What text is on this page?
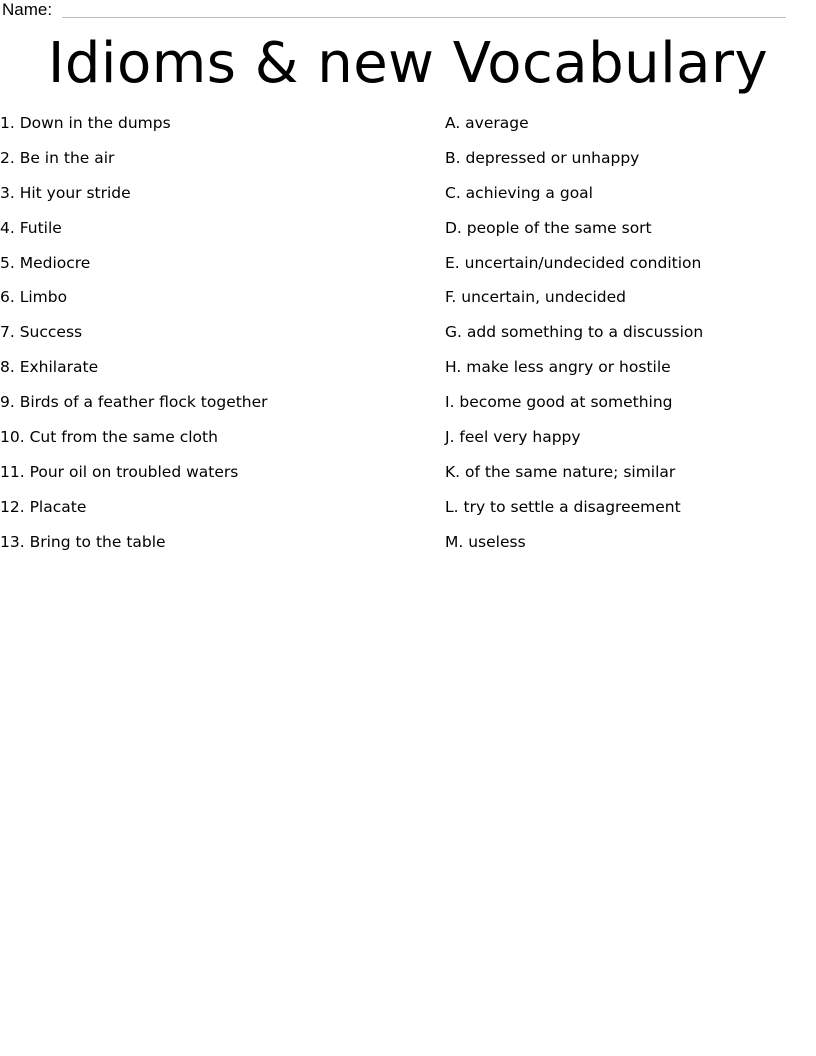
Name:
Idioms & new Vocabulary
1. Down in the dumps
2. Be in the air
3. Hit your stride
4. Futile
5. Mediocre
6. Limbo
7. Success
8. Exhilarate
9. Birds of a feather flock together
10. Cut from the same cloth
11. Pour oil on troubled waters
12. Placate
13. Bring to the table
A. average
B. depressed or unhappy
C. achieving a goal
D. people of the same sort
E. uncertain/undecided condition
F. uncertain, undecided
G. add something to a discussion
H. make less angry or hostile
I. become good at something
J. feel very happy
K. of the same nature; similar
L. try to settle a disagreement
M. useless
